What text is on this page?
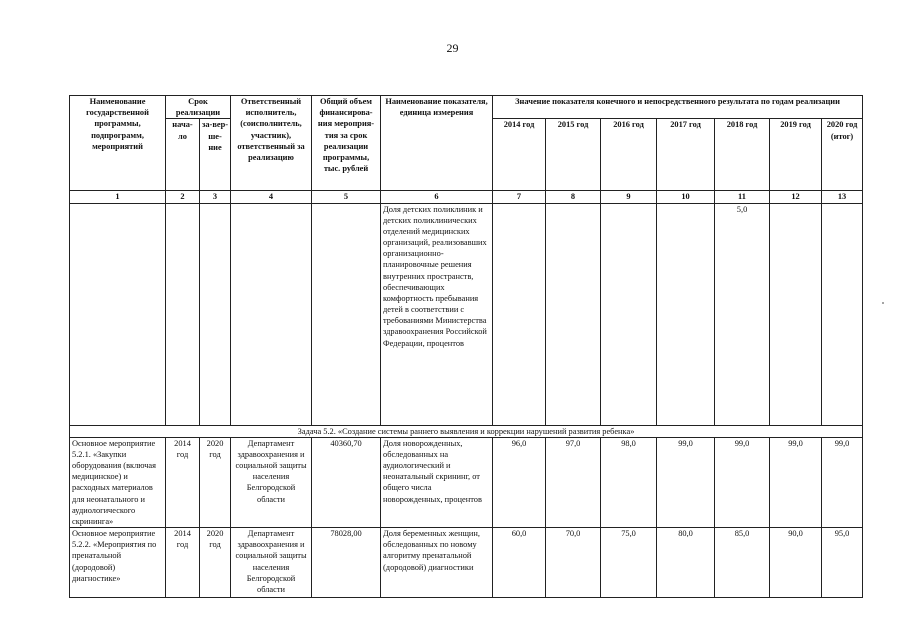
29
Наименование государственной программы, подпрограмм, мероприятий	Срок реализации		Ответственный исполнитель, (соисполнитель, участник), ответственный за реализацию	Общий объем финансирова-ния мероприя-тия за срок реализации программы, тыс. рублей	Наименование показателя, единица измерения	Значение показателя конечного и непосредственного результата по годам реализации						
	нача-ло	за-вер-ше-ние				2014 год	2015 год	2016 год	2017 год	2018 год	2019 год	2020 год (итог)
1	2	3	4	5	6	7	8	9	10	11	12	13
					Доля детских поликлиник и детских поликлинических отделений медицинских организаций, реализовавших организационно-планировочные решения внутренних пространств, обеспечивающих комфортность пребывания детей в соответствии с требованиями Министерства здравоохранения Российской Федерации, процентов					5,0		
Задача 5.2. «Создание системы раннего выявления и коррекции нарушений развития ребенка»												
Основное мероприятие 5.2.1. «Закупки оборудования (включая медицинское) и расходных материалов для неонатального и аудиологического скрининга»	2014 год	2020 год	Департамент здравоохранения и социальной защиты населения Белгородской области	40360,70	Доля новорожденных, обследованных на аудиологический и неонатальный скрининг, от общего числа новорожденных, процентов	96,0	97,0	98,0	99,0	99,0	99,0	99,0
Основное мероприятие 5.2.2. «Мероприятия по пренатальной (дородовой) диагностике»	2014 год	2020 год	Департамент здравоохранения и социальной защиты населения Белгородской области	78028,00	Доля беременных женщин, обследованных по новому алгоритму пренатальной (дородовой) диагностики	60,0	70,0	75,0	80,0	85,0	90,0	95,0
